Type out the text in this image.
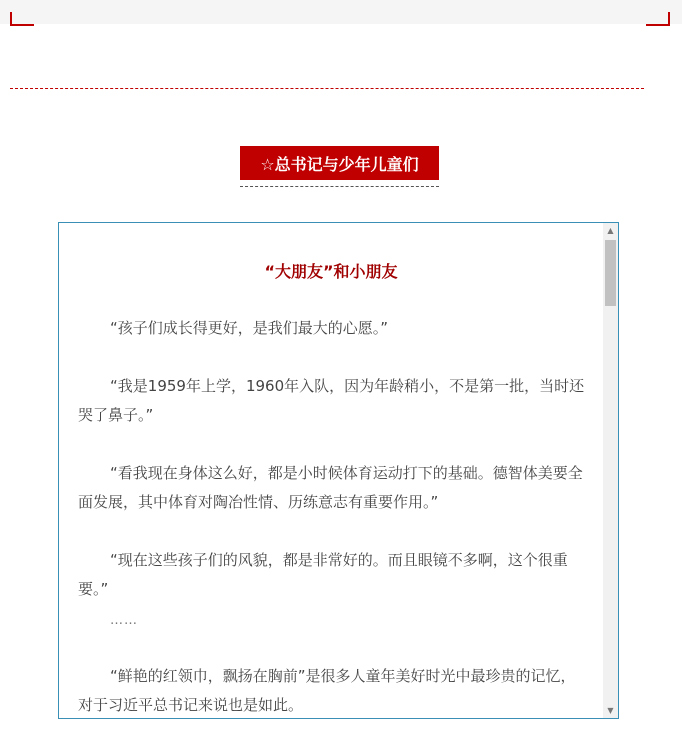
☆总书记与少年儿童们
“大朋友”和小朋友
“孩子们成长得更好，是我们最大的心愿。”
“我是1959年上学，1960年入队，因为年龄稍小，不是第一批，当时还哭了鼻子。”
“看我现在身体这么好，都是小时候体育运动打下的基础。德智体美要全面发展，其中体育对陶冶性情、历练意志有重要作用。”
“现在这些孩子们的风貌，都是非常好的。而且眼镜不多啊，这个很重要。”
……
“鲜艳的红领巾，飘扬在胸前”是很多人童年美好时光中最珍贵的记忆，对于习近平总书记来说也是如此。
▲
▼
